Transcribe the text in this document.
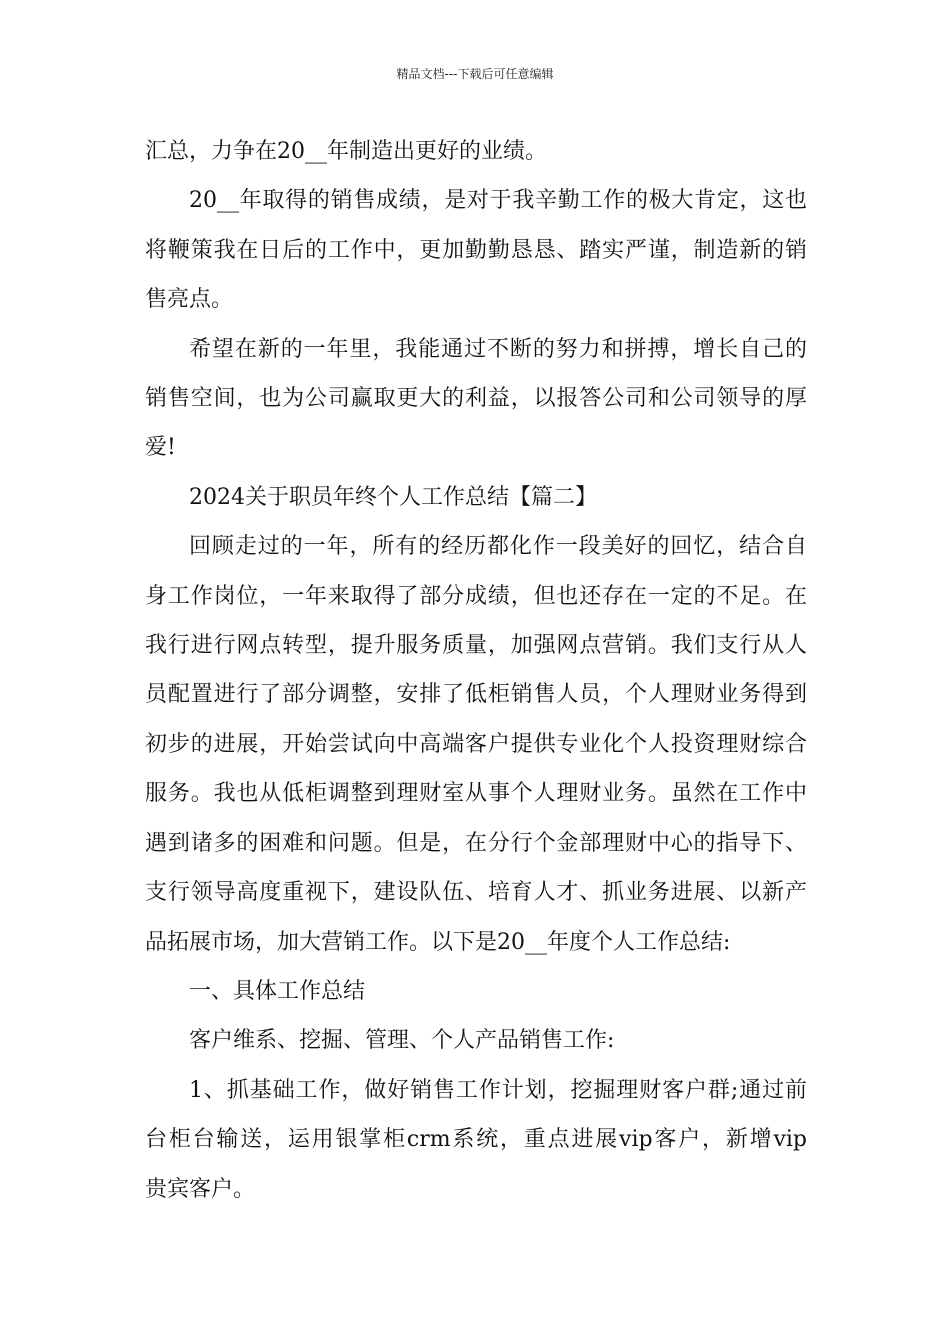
精品文档---下载后可任意编辑

汇总，力争在20__年制造出更好的业绩。

20__年取得的销售成绩，是对于我辛勤工作的极大肯定，这也
将鞭策我在日后的工作中，更加勤勤恳恳、踏实严谨，制造新的销
售亮点。

希望在新的一年里，我能通过不断的努力和拼搏，增长自己的
销售空间，也为公司赢取更大的利益，以报答公司和公司领导的厚
爱!

2024关于职员年终个人工作总结【篇二】

回顾走过的一年，所有的经历都化作一段美好的回忆，结合自
身工作岗位，一年来取得了部分成绩，但也还存在一定的不足。在
我行进行网点转型，提升服务质量，加强网点营销。我们支行从人
员配置进行了部分调整，安排了低柜销售人员，个人理财业务得到
初步的进展，开始尝试向中高端客户提供专业化个人投资理财综合
服务。我也从低柜调整到理财室从事个人理财业务。虽然在工作中
遇到诸多的困难和问题。但是，在分行个金部理财中心的指导下、
支行领导高度重视下，建设队伍、培育人才、抓业务进展、以新产
品拓展市场，加大营销工作。以下是20__年度个人工作总结:

一、具体工作总结

客户维系、挖掘、管理、个人产品销售工作:

1、抓基础工作，做好销售工作计划，挖掘理财客户群;通过前
台柜台输送，运用银掌柜crm系统，重点进展vip客户，新增vip
贵宾客户。
